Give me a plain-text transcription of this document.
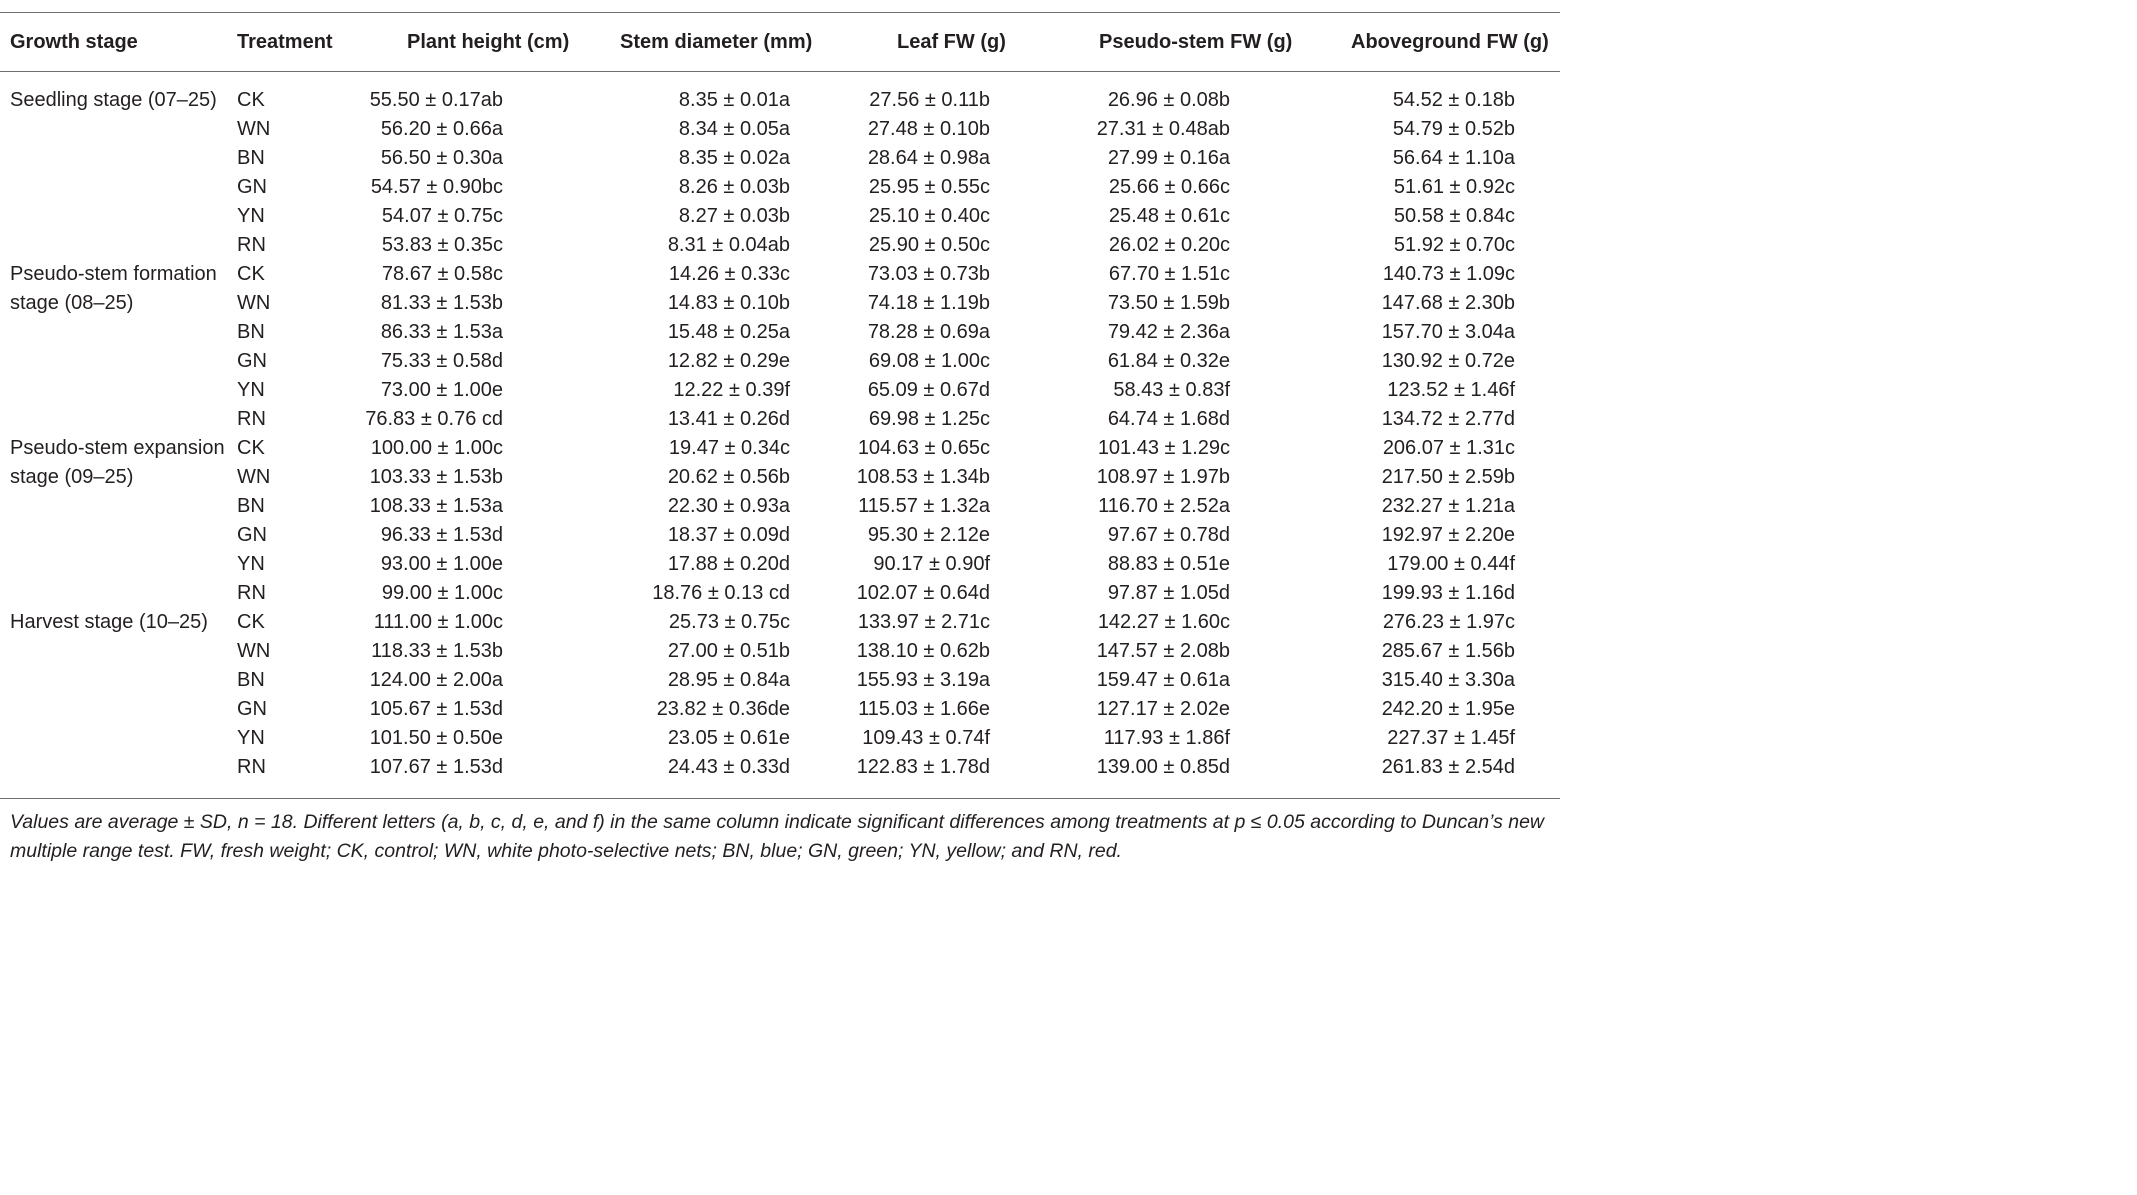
Growth stage	Treatment	Plant height (cm)	Stem diameter (mm)	Leaf FW (g)	Pseudo-stem FW (g)	Aboveground FW (g)
Seedling stage (07–25)	CK	55.50 ± 0.17ab	8.35 ± 0.01a	27.56 ± 0.11b	26.96 ± 0.08b	54.52 ± 0.18b
	WN	56.20 ± 0.66a	8.34 ± 0.05a	27.48 ± 0.10b	27.31 ± 0.48ab	54.79 ± 0.52b
	BN	56.50 ± 0.30a	8.35 ± 0.02a	28.64 ± 0.98a	27.99 ± 0.16a	56.64 ± 1.10a
	GN	54.57 ± 0.90bc	8.26 ± 0.03b	25.95 ± 0.55c	25.66 ± 0.66c	51.61 ± 0.92c
	YN	54.07 ± 0.75c	8.27 ± 0.03b	25.10 ± 0.40c	25.48 ± 0.61c	50.58 ± 0.84c
	RN	53.83 ± 0.35c	8.31 ± 0.04ab	25.90 ± 0.50c	26.02 ± 0.20c	51.92 ± 0.70c
Pseudo-stem formation stage (08–25)	CK	78.67 ± 0.58c	14.26 ± 0.33c	73.03 ± 0.73b	67.70 ± 1.51c	140.73 ± 1.09c
	WN	81.33 ± 1.53b	14.83 ± 0.10b	74.18 ± 1.19b	73.50 ± 1.59b	147.68 ± 2.30b
	BN	86.33 ± 1.53a	15.48 ± 0.25a	78.28 ± 0.69a	79.42 ± 2.36a	157.70 ± 3.04a
	GN	75.33 ± 0.58d	12.82 ± 0.29e	69.08 ± 1.00c	61.84 ± 0.32e	130.92 ± 0.72e
	YN	73.00 ± 1.00e	12.22 ± 0.39f	65.09 ± 0.67d	58.43 ± 0.83f	123.52 ± 1.46f
	RN	76.83 ± 0.76 cd	13.41 ± 0.26d	69.98 ± 1.25c	64.74 ± 1.68d	134.72 ± 2.77d
Pseudo-stem expansion stage (09–25)	CK	100.00 ± 1.00c	19.47 ± 0.34c	104.63 ± 0.65c	101.43 ± 1.29c	206.07 ± 1.31c
	WN	103.33 ± 1.53b	20.62 ± 0.56b	108.53 ± 1.34b	108.97 ± 1.97b	217.50 ± 2.59b
	BN	108.33 ± 1.53a	22.30 ± 0.93a	115.57 ± 1.32a	116.70 ± 2.52a	232.27 ± 1.21a
	GN	96.33 ± 1.53d	18.37 ± 0.09d	95.30 ± 2.12e	97.67 ± 0.78d	192.97 ± 2.20e
	YN	93.00 ± 1.00e	17.88 ± 0.20d	90.17 ± 0.90f	88.83 ± 0.51e	179.00 ± 0.44f
	RN	99.00 ± 1.00c	18.76 ± 0.13 cd	102.07 ± 0.64d	97.87 ± 1.05d	199.93 ± 1.16d
Harvest stage (10–25)	CK	111.00 ± 1.00c	25.73 ± 0.75c	133.97 ± 2.71c	142.27 ± 1.60c	276.23 ± 1.97c
	WN	118.33 ± 1.53b	27.00 ± 0.51b	138.10 ± 0.62b	147.57 ± 2.08b	285.67 ± 1.56b
	BN	124.00 ± 2.00a	28.95 ± 0.84a	155.93 ± 3.19a	159.47 ± 0.61a	315.40 ± 3.30a
	GN	105.67 ± 1.53d	23.82 ± 0.36de	115.03 ± 1.66e	127.17 ± 2.02e	242.20 ± 1.95e
	YN	101.50 ± 0.50e	23.05 ± 0.61e	109.43 ± 0.74f	117.93 ± 1.86f	227.37 ± 1.45f
	RN	107.67 ± 1.53d	24.43 ± 0.33d	122.83 ± 1.78d	139.00 ± 0.85d	261.83 ± 2.54d
Values are average ± SD, n = 18. Different letters (a, b, c, d, e, and f) in the same column indicate significant differences among treatments at p ≤ 0.05 according to Duncan’s new multiple range test. FW, fresh weight; CK, control; WN, white photo-selective nets; BN, blue; GN, green; YN, yellow; and RN, red.
